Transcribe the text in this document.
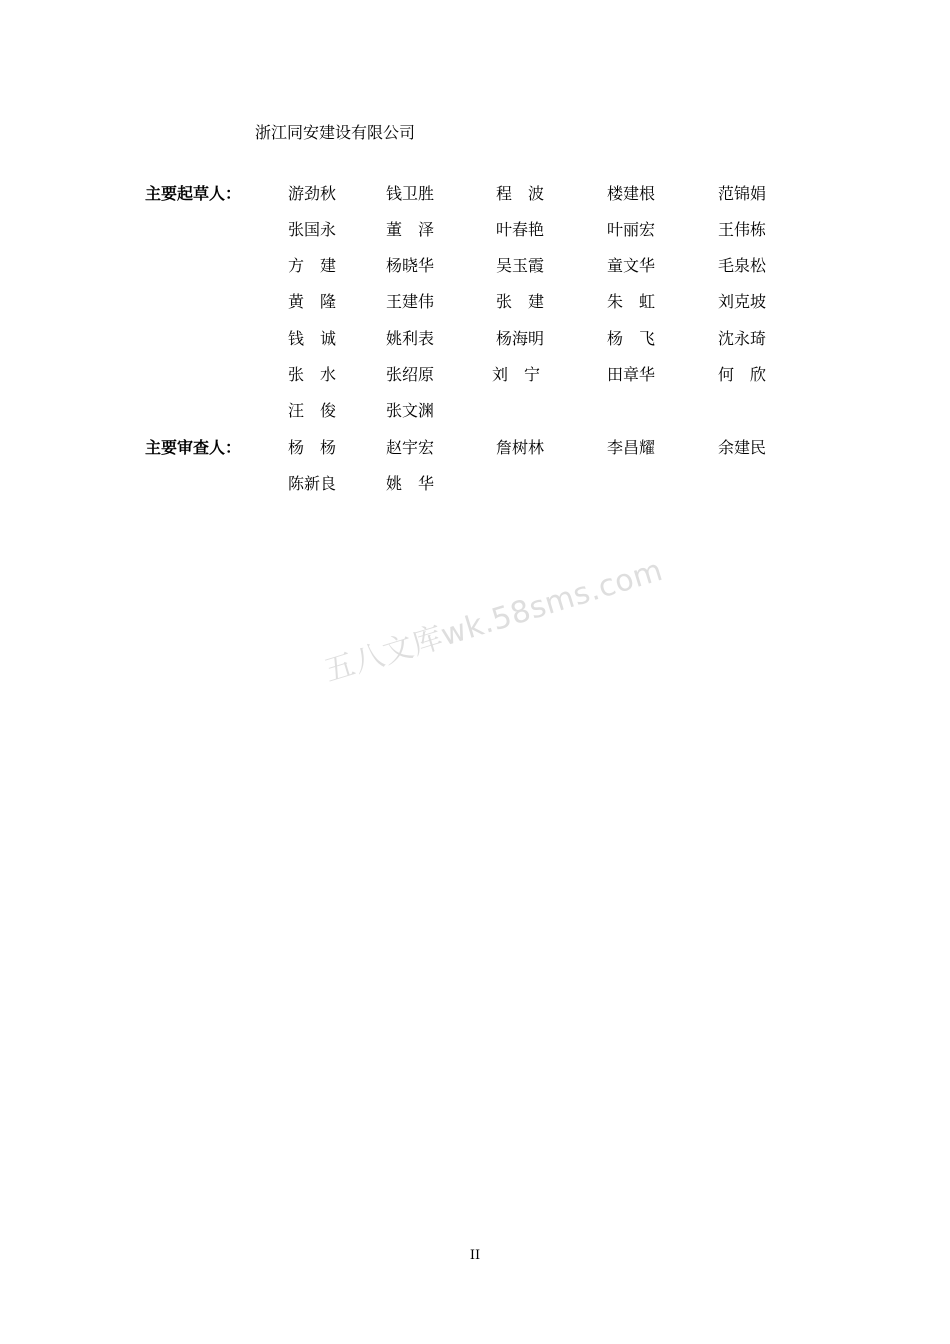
浙江同安建设有限公司
主要起草人：	游劲秋	钱卫胜	程　波	楼建根	范锦娟
张国永	董　泽	叶春艳	叶丽宏	王伟栋
方　建	杨晓华	吴玉霞	童文华	毛泉松
黄　隆	王建伟	张　建	朱　虹	刘克坡
钱　诚	姚利表	杨海明	杨　飞	沈永琦
张　水	张绍原	刘　宁	田章华	何　欣
汪　俊	张文渊
主要审查人：	杨　杨	赵宇宏	詹树林	李昌耀	余建民
陈新良	姚　华
五八文库wk.58sms.com
II
